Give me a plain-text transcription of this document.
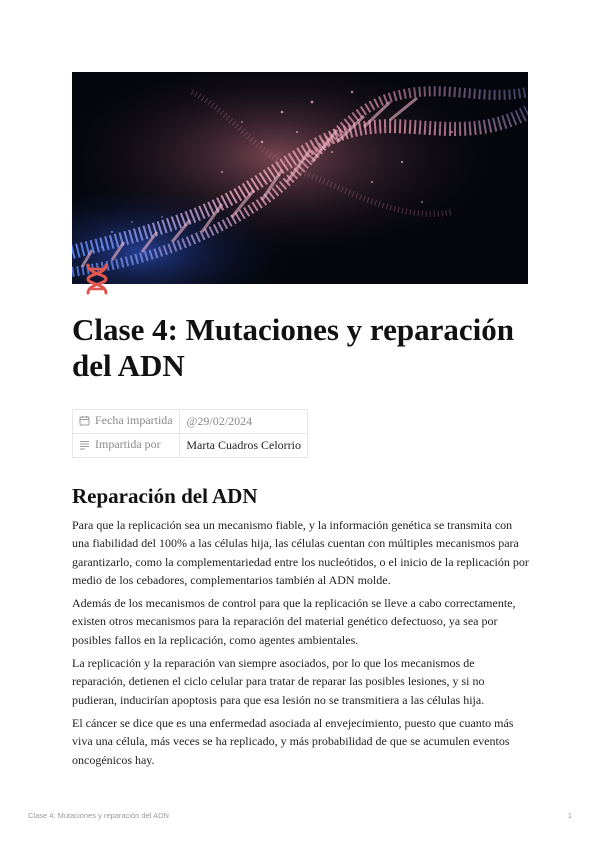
Clase 4: Mutaciones y reparación del ADN
Fecha impartida	@29/02/2024
Impartida por	Marta Cuadros Celorrio
Reparación del ADN

Para que la replicación sea un mecanismo fiable, y la información genética se transmita con una fiabilidad del 100% a las células hija, las células cuentan con múltiples mecanismos para garantizarlo, como la complementariedad entre los nucleótidos, o el inicio de la replicación por medio de los cebadores, complementarios también al ADN molde.

Además de los mecanismos de control para que la replicación se lleve a cabo correctamente, existen otros mecanismos para la reparación del material genético defectuoso, ya sea por posibles fallos en la replicación, como agentes ambientales.

La replicación y la reparación van siempre asociados, por lo que los mecanismos de reparación, detienen el ciclo celular para tratar de reparar las posibles lesiones, y si no pudieran, inducirían apoptosis para que esa lesión no se transmitiera a las células hija.

El cáncer se dice que es una enfermedad asociada al envejecimiento, puesto que cuanto más viva una célula, más veces se ha replicado, y más probabilidad de que se acumulen eventos oncogénicos hay.

Clase 4: Mutaciones y reparación del ADN	1
